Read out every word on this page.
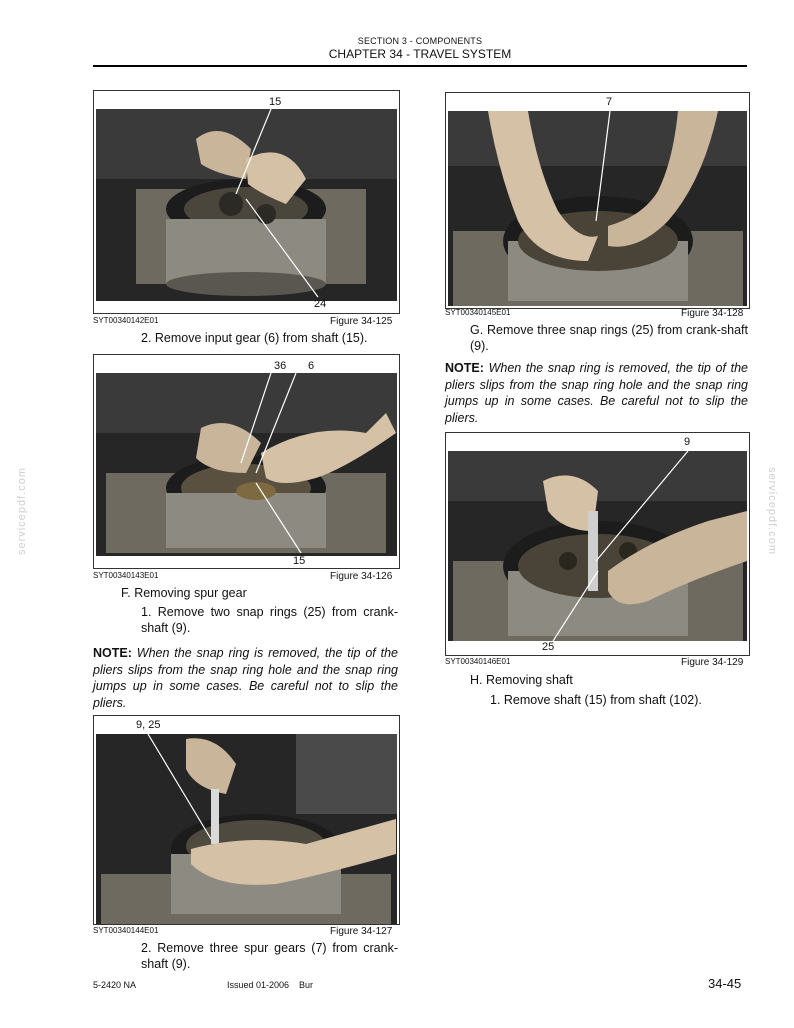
SECTION 3 - COMPONENTS
CHAPTER 34 - TRAVEL SYSTEM
15
24
SYT00340142E01	Figure 34-125
2. Remove input gear (6) from shaft (15).
36 6
15
SYT00340143E01	Figure 34-126
F. Removing spur gear
1. Remove two snap rings (25) from crank-shaft (9).
NOTE: When the snap ring is removed, the tip of the pliers slips from the snap ring hole and the snap ring jumps up in some cases. Be careful not to slip the pliers.
9, 25
SYT00340144E01	Figure 34-127
2. Remove three spur gears (7) from crank-shaft (9).
7
SYT00340145E01	Figure 34-128
G. Remove three snap rings (25) from crank-shaft (9).
NOTE: When the snap ring is removed, the tip of the pliers slips from the snap ring hole and the snap ring jumps up in some cases. Be careful not to slip the pliers.
9
25
SYT00340146E01	Figure 34-129
H. Removing shaft
1. Remove shaft (15) from shaft (102).
5-2420 NA	Issued 01-2006 Bur	34-45
servicepdf.com	servicepdf.com
